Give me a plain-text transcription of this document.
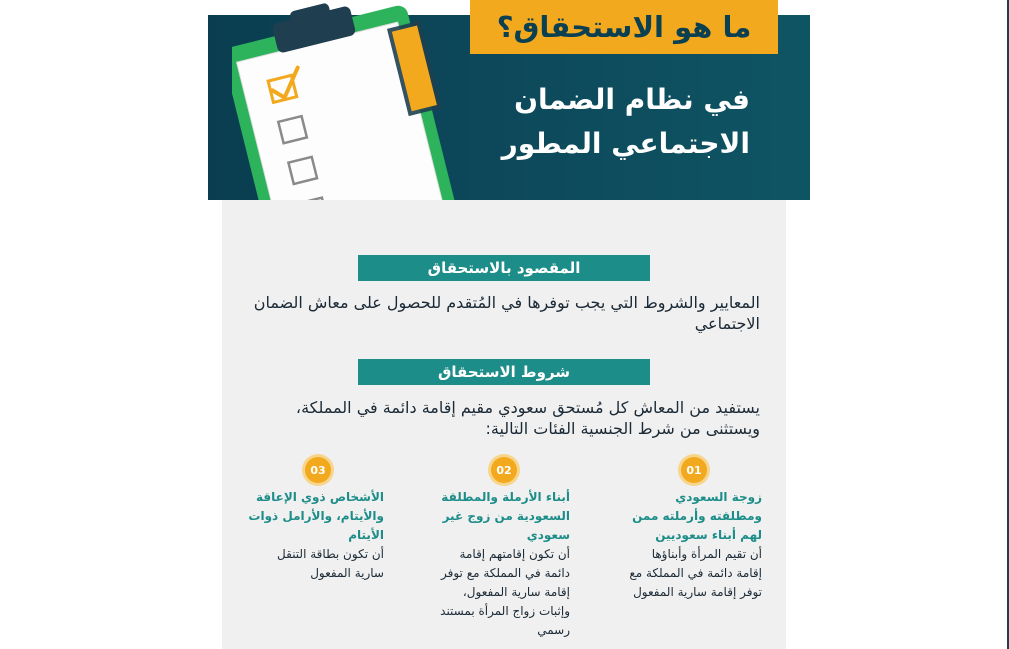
ما هو الاستحقاق؟
في نظام الضمان
الاجتماعي المطور
المقصود بالاستحقاق
المعايير والشروط التي يجب توفرها في المُتقدم للحصول على معاش الضمان الاجتماعي
شروط الاستحقاق
يستفيد من المعاش كل مُستحق سعودي مقيم إقامة دائمة في المملكة، ويستثنى من شرط الجنسية الفئات التالية:
01
02
03
زوجة السعودي ومطلقته وأرملته ممن لهم أبناء سعوديين
أن تقيم المرأة وأبناؤها إقامة دائمة في المملكة مع توفر إقامة سارية المفعول
أبناء الأرملة والمطلقة السعودية من زوج غير سعودي
أن تكون إقامتهم إقامة دائمة في المملكة مع توفر إقامة سارية المفعول، وإثبات زواج المرأة بمستند رسمي
الأشخاص ذوي الإعاقة والأيتام، والأرامل ذوات الأيتام
أن تكون بطاقة التنقل سارية المفعول
